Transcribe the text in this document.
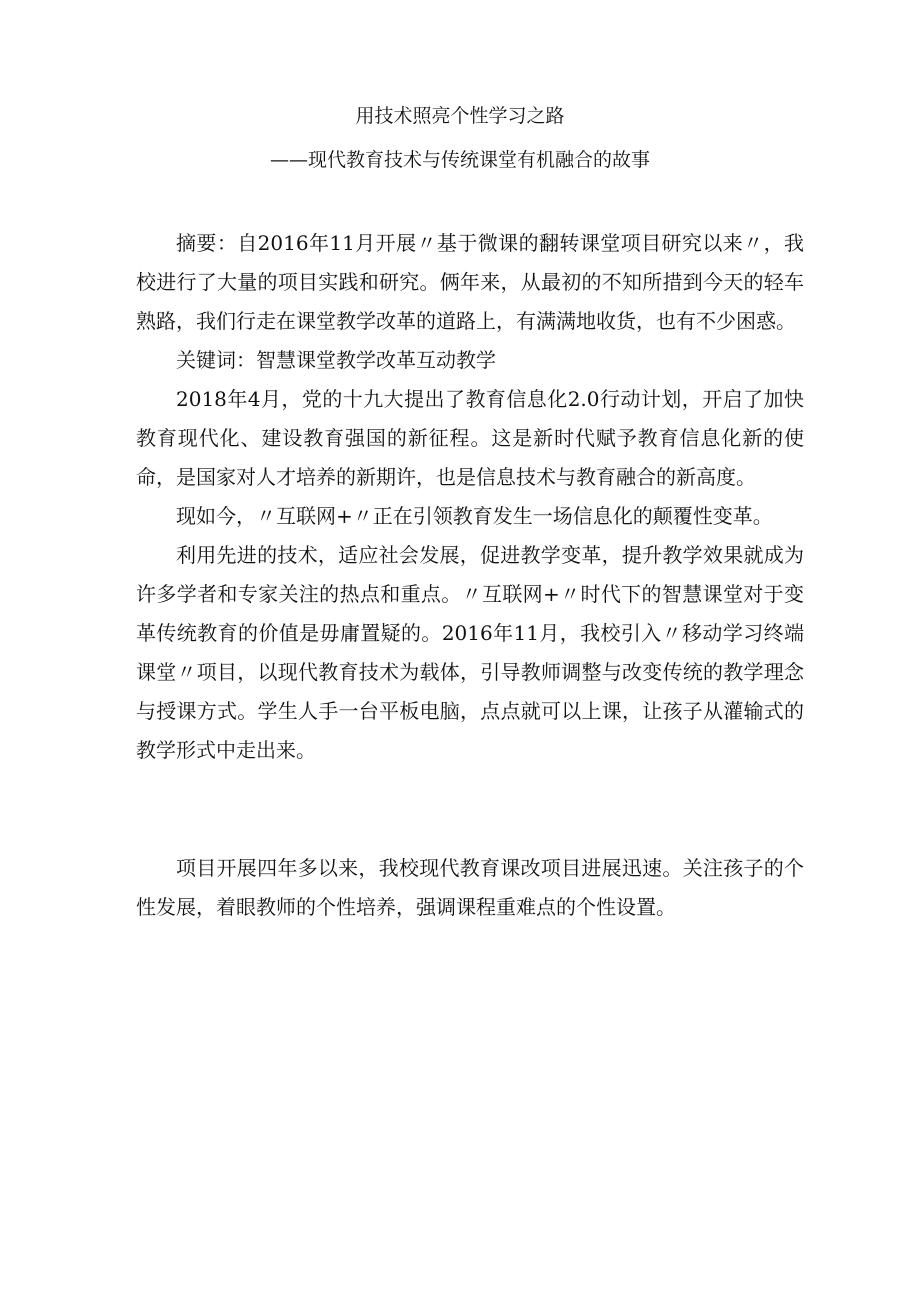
用技术照亮个性学习之路
——现代教育技术与传统课堂有机融合的故事

摘要：自2016年11月开展〃基于微课的翻转课堂项目研究以来〃，我校进行了大量的项目实践和研究。俩年来，从最初的不知所措到今天的轻车熟路，我们行走在课堂教学改革的道路上，有满满地收货，也有不少困惑。

关键词：智慧课堂教学改革互动教学

2018年4月，党的十九大提出了教育信息化2.0行动计划，开启了加快教育现代化、建设教育强国的新征程。这是新时代赋予教育信息化新的使命，是国家对人才培养的新期许，也是信息技术与教育融合的新高度。

现如今，〃互联网+〃正在引领教育发生一场信息化的颠覆性变革。

利用先进的技术，适应社会发展，促进教学变革，提升教学效果就成为许多学者和专家关注的热点和重点。〃互联网+〃时代下的智慧课堂对于变革传统教育的价值是毋庸置疑的。2016年11月，我校引入〃移动学习终端课堂〃项目，以现代教育技术为载体，引导教师调整与改变传统的教学理念与授课方式。学生人手一台平板电脑，点点就可以上课，让孩子从灌输式的教学形式中走出来。

项目开展四年多以来，我校现代教育课改项目进展迅速。关注孩子的个性发展，着眼教师的个性培养，强调课程重难点的个性设置。
